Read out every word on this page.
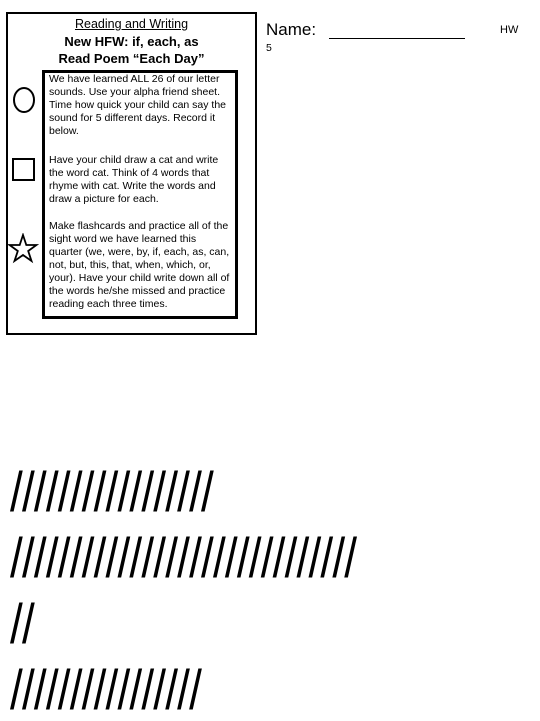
Reading and Writing
New HFW: if, each, as
Read Poem “Each Day”
We have learned ALL 26 of our letter sounds. Use your alpha friend sheet. Time how quick your child can say the sound for 5 different days. Record it below.
Have your child draw a cat and write the word cat. Think of 4 words that rhyme with cat. Write the words and draw a picture for each.
Make flashcards and practice all of the sight word we have learned this quarter (we, were, by, if, each, as, can, not, but, this, that, when, which, or, your). Have your child write down all of the words he/she missed and practice reading each three times.
Name:
5
HW
/////////////////
/////////////////////////////
//
////////////////
